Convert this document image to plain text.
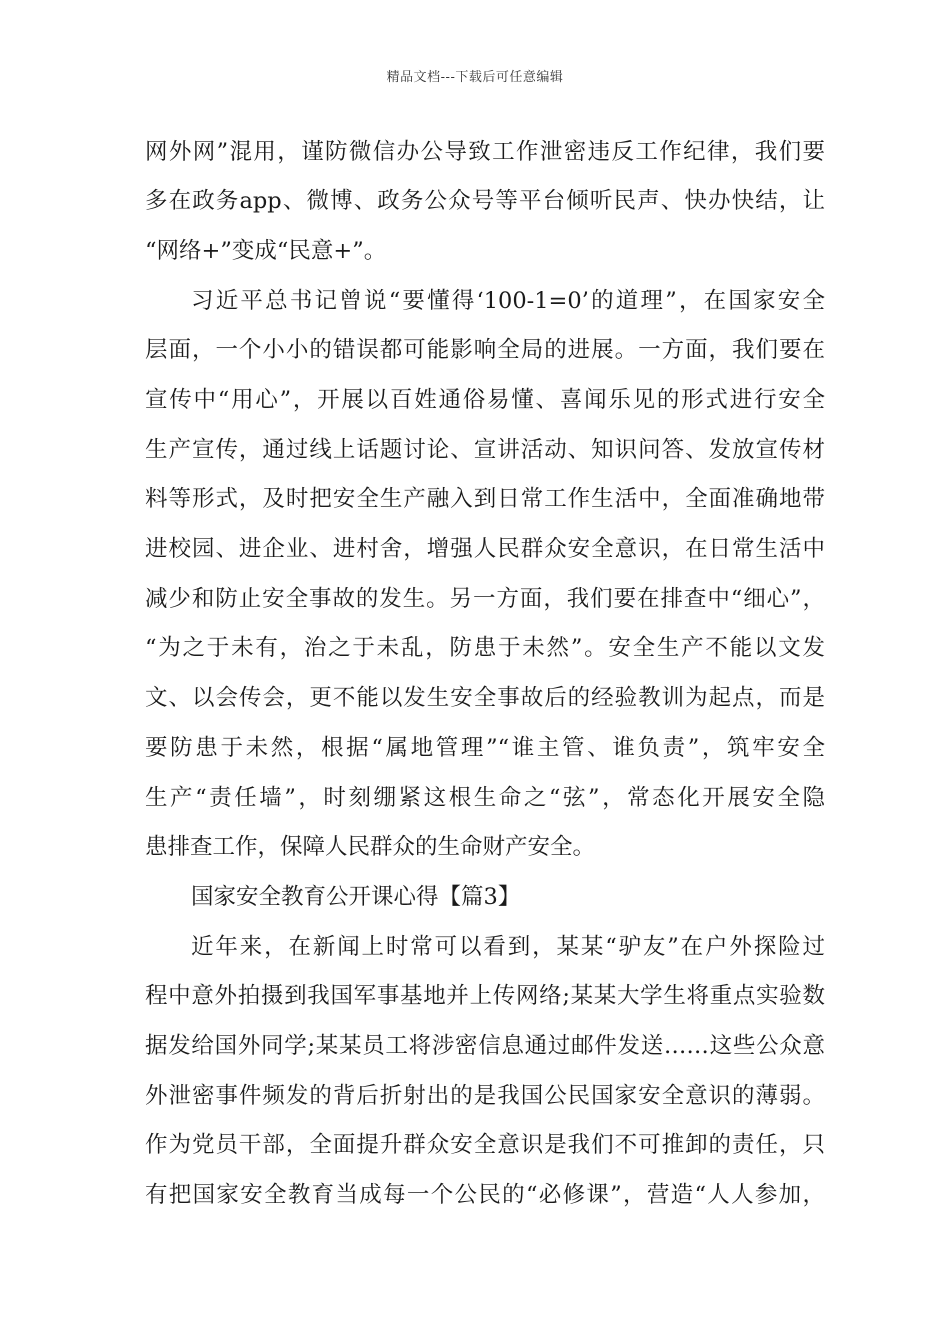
精品文档---下载后可任意编辑
网外网”混用，谨防微信办公导致工作泄密违反工作纪律，我们要
多在政务app、微博、政务公众号等平台倾听民声、快办快结，让
“网络+”变成“民意+”。
习近平总书记曾说“要懂得‘100-1=0’的道理”，在国家安全
层面，一个小小的错误都可能影响全局的进展。一方面，我们要在
宣传中“用心”，开展以百姓通俗易懂、喜闻乐见的形式进行安全
生产宣传，通过线上话题讨论、宣讲活动、知识问答、发放宣传材
料等形式，及时把安全生产融入到日常工作生活中，全面准确地带
进校园、进企业、进村舍，增强人民群众安全意识，在日常生活中
减少和防止安全事故的发生。另一方面，我们要在排查中“细心”，
“为之于未有，治之于未乱，防患于未然”。安全生产不能以文发
文、以会传会，更不能以发生安全事故后的经验教训为起点，而是
要防患于未然，根据“属地管理”“谁主管、谁负责”，筑牢安全
生产“责任墙”，时刻绷紧这根生命之“弦”，常态化开展安全隐
患排查工作，保障人民群众的生命财产安全。
国家安全教育公开课心得【篇3】
近年来，在新闻上时常可以看到，某某“驴友”在户外探险过
程中意外拍摄到我国军事基地并上传网络;某某大学生将重点实验数
据发给国外同学;某某员工将涉密信息通过邮件发送……这些公众意
外泄密事件频发的背后折射出的是我国公民国家安全意识的薄弱。
作为党员干部，全面提升群众安全意识是我们不可推卸的责任，只
有把国家安全教育当成每一个公民的“必修课”，营造“人人参加，
